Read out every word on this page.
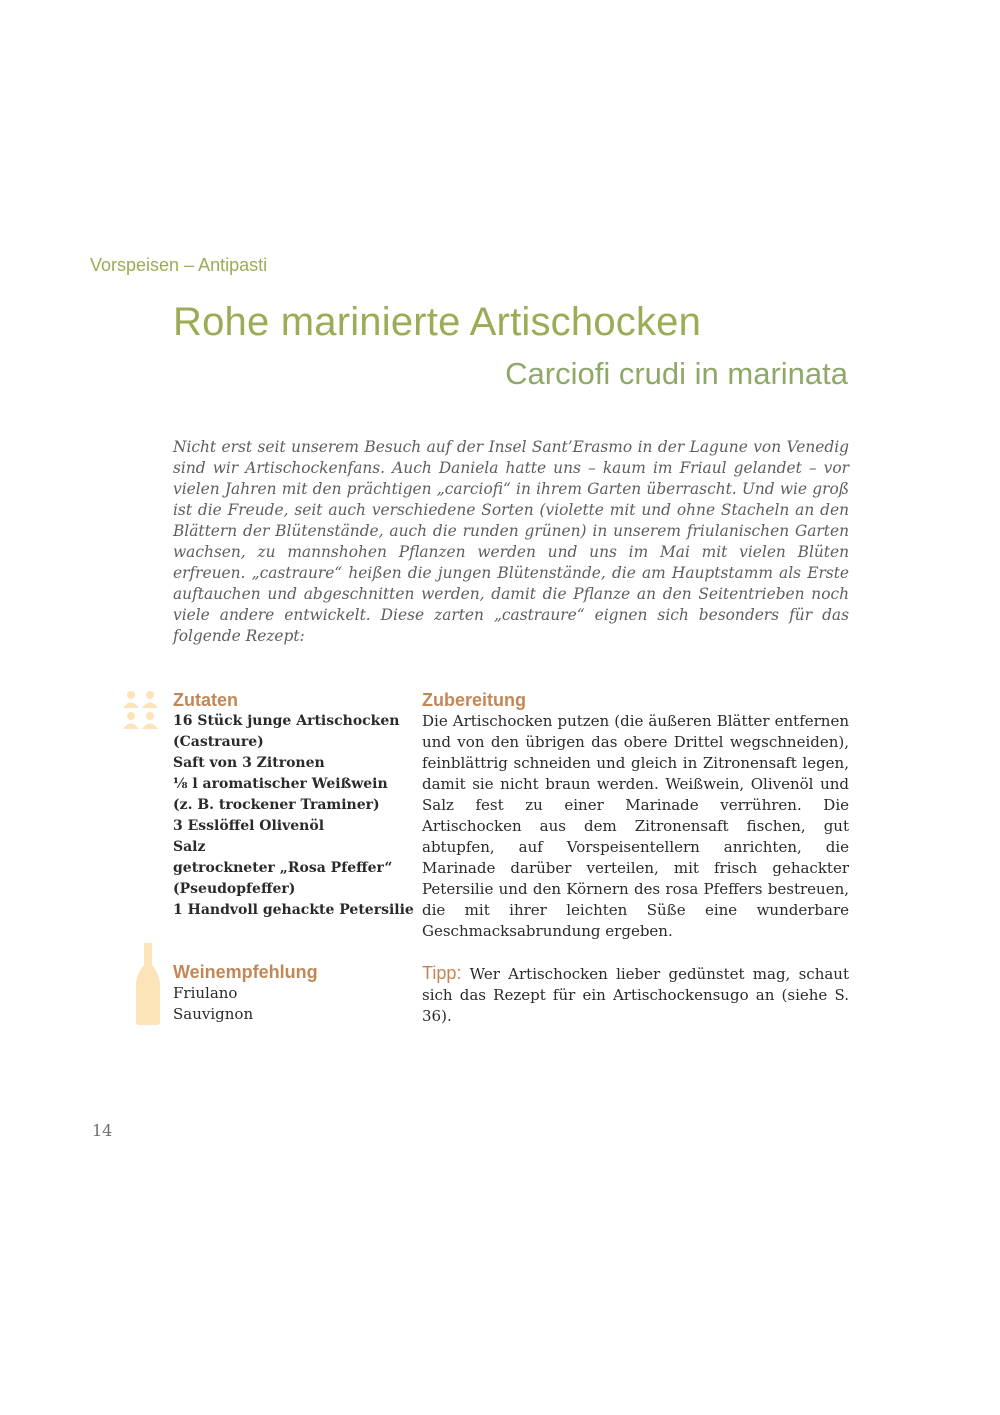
Vorspeisen – Antipasti
Rohe marinierte Artischocken
Carciofi crudi in marinata

Nicht erst seit unserem Besuch auf der Insel Sant’Erasmo in der Lagune von Venedig sind wir Artischockenfans. Auch Daniela hatte uns – kaum im Friaul gelandet – vor vielen Jahren mit den prächtigen „carciofi“ in ihrem Garten überrascht. Und wie groß ist die Freude, seit auch verschiedene Sorten (violette mit und ohne Stacheln an den Blättern der Blütenstände, auch die runden grünen) in unserem friulanischen Garten wachsen, zu mannshohen Pflanzen werden und uns im Mai mit vielen Blüten erfreuen. „castraure“ heißen die jungen Blütenstände, die am Hauptstamm als Erste auftauchen und abgeschnitten werden, damit die Pflanze an den Seitentrieben noch viele andere entwickelt. Diese zarten „castraure“ eignen sich besonders für das folgende Rezept:

Zutaten
16 Stück junge Artischocken
(Castraure)
Saft von 3 Zitronen
⅛ l aromatischer Weißwein
(z. B. trockener Traminer)
3 Esslöffel Olivenöl
Salz
getrockneter „Rosa Pfeffer“
(Pseudopfeffer)
1 Handvoll gehackte Petersilie
Weinempfehlung
Friulano
Sauvignon
Zubereitung

Die Artischocken putzen (die äußeren Blätter entfernen und von den übrigen das obere Drittel wegschneiden), feinblättrig schneiden und gleich in Zitronensaft legen, damit sie nicht braun werden. Weißwein, Olivenöl und Salz fest zu einer Marinade verrühren. Die Artischocken aus dem Zitronensaft fischen, gut abtupfen, auf Vorspeisentellern anrichten, die Marinade darüber verteilen, mit frisch gehackter Petersilie und den Körnern des rosa Pfeffers bestreuen, die mit ihrer leichten Süße eine wunderbare Geschmacksabrundung ergeben.

Tipp: Wer Artischocken lieber gedünstet mag, schaut sich das Rezept für ein Artischockensugo an (siehe S. 36).

14
